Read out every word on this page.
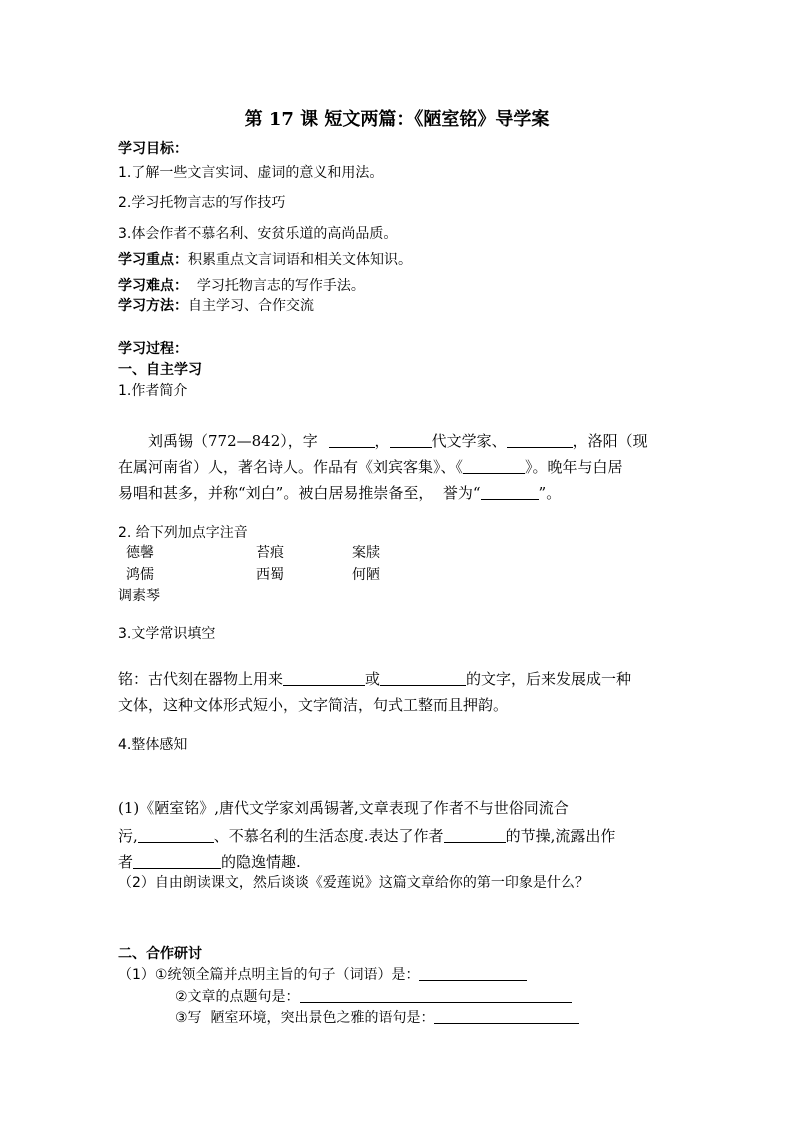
第 17 课 短文两篇：《陋室铭》导学案
学习目标：
1.了解一些文言实词、虚词的意义和用法。
2.学习托物言志的写作技巧
3.体会作者不慕名利、安贫乐道的高尚品质。
学习重点：积累重点文言词语和相关文体知识。
学习难点：  学习托物言志的写作手法。
学习方法：自主学习、合作交流
学习过程：
一、自主学习
1.作者简介
刘禹锡（772—842），字	，	代文学家、	，洛阳（现
在属河南省）人，著名诗人。作品有《刘宾客集》、《	》。晚年与白居
易唱和甚多，并称“刘白”。被白居易推崇备至，  誉为“	”。
2. 给下列加点字注音
德馨	苔痕	案牍
鸿儒	西蜀	何陋
调素琴
3.文学常识填空
铭：古代刻在器物上用来	或	的文字，后来发展成一种
文体，这种文体形式短小，文字简洁，句式工整而且押韵。
4.整体感知
(1)《陋室铭》,唐代文学家刘禹锡著,文章表现了作者不与世俗同流合
污,	、不慕名利的生活态度.表达了作者	的节操,流露出作
者	的隐逸情趣.
（2）自由朗读课文，然后谈谈《爱莲说》这篇文章给你的第一印象是什么？
二、合作研讨
（1）①统领全篇并点明主旨的句子（词语）是：
②文章的点题句是：
③写  陋室环境，突出景色之雅的语句是：
